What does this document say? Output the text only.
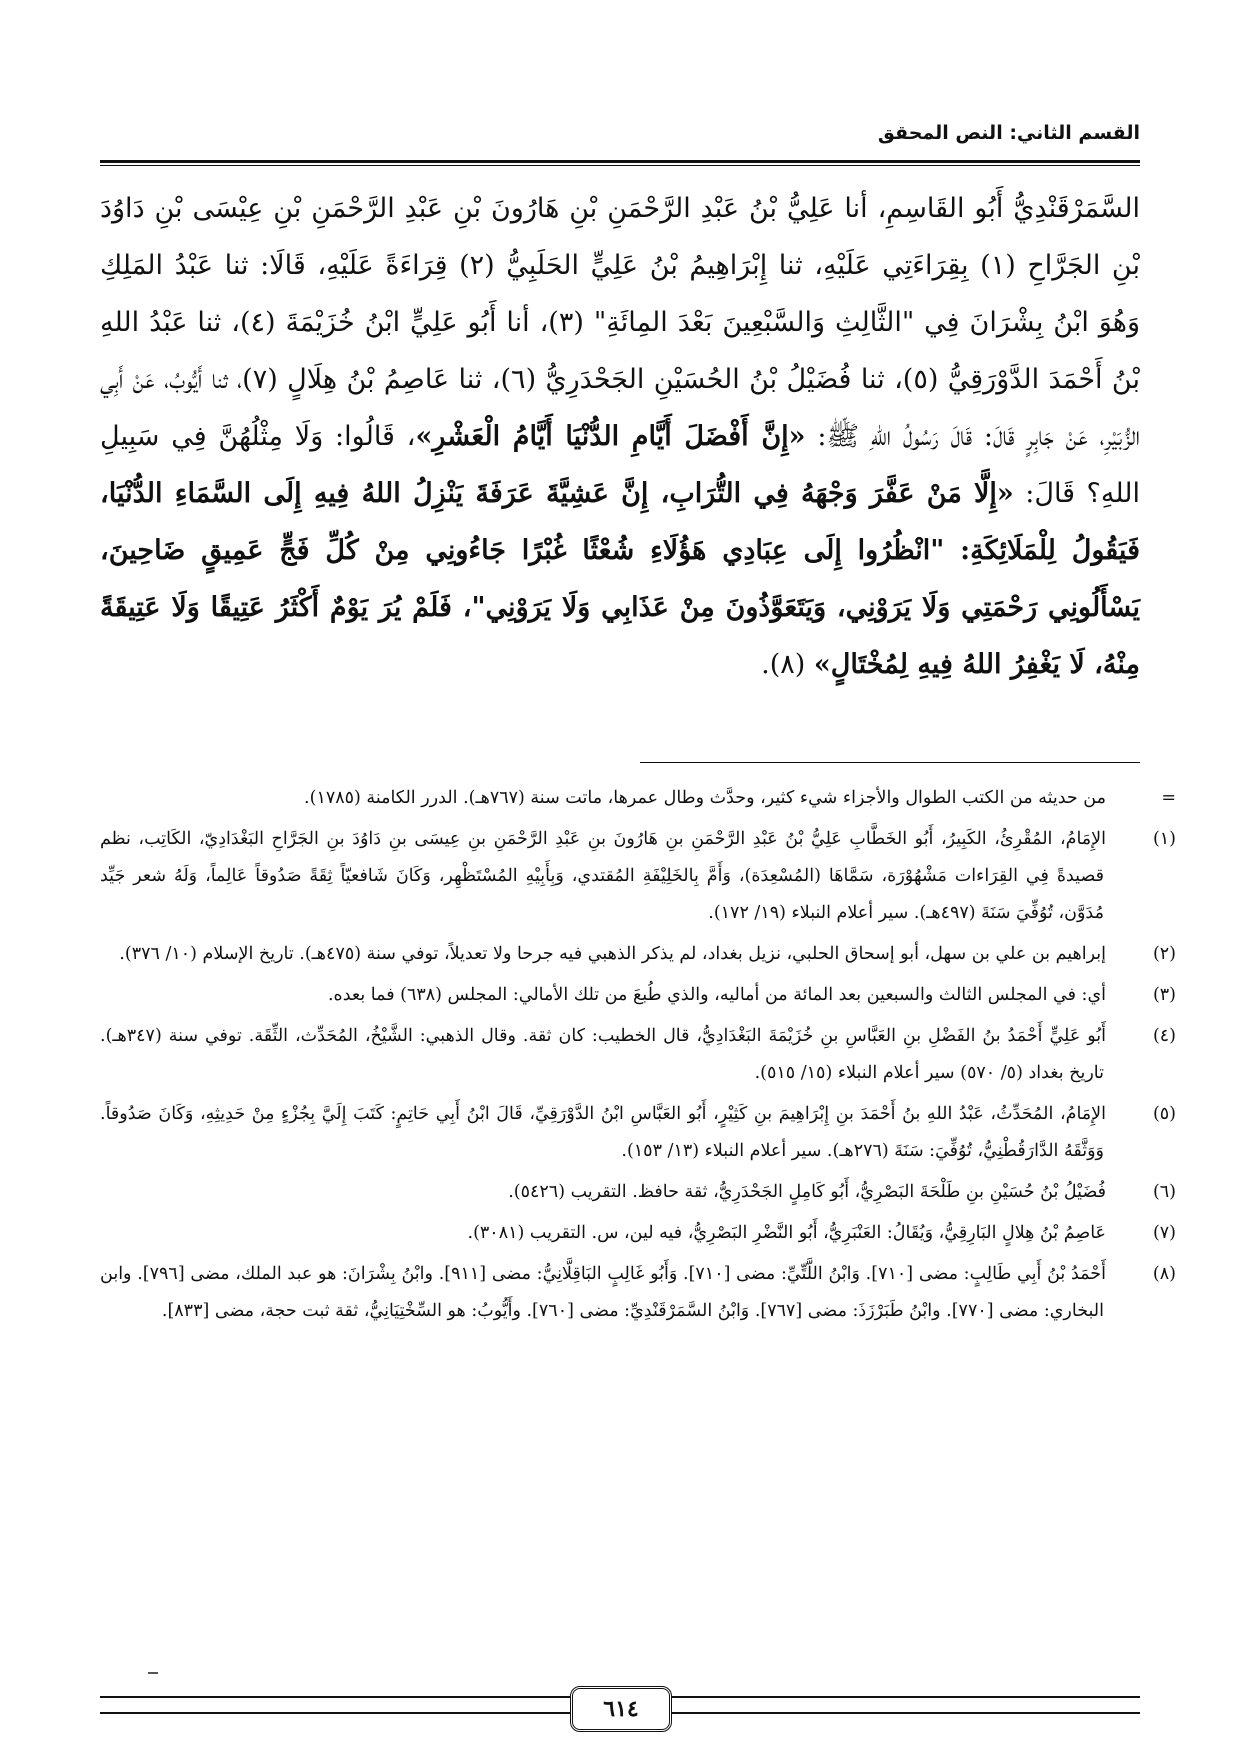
القسم الثاني: النص المحقق

السَّمَرْقَنْدِيُّ أَبُو القَاسِمِ، أنا عَلِيُّ بْنُ عَبْدِ الرَّحْمَنِ بْنِ هَارُونَ بْنِ عَبْدِ الرَّحْمَنِ بْنِ عِيْسَى بْنِ دَاوُدَ بْنِ الجَرَّاحِ (١) بِقِرَاءَتِي عَلَيْهِ، ثنا إِبْرَاهِيمُ بْنُ عَلِيٍّ الحَلَبِيُّ (٢) قِرَاءَةً عَلَيْهِ، قَالَا: ثنا عَبْدُ المَلِكِ وَهُوَ ابْنُ بِشْرَانَ فِي "الثَّالِثِ وَالسَّبْعِينَ بَعْدَ المِائَةِ" (٣)، أنا أَبُو عَلِيٍّ ابْنُ خُزَيْمَةَ (٤)، ثنا عَبْدُ اللهِ بْنُ أَحْمَدَ الدَّوْرَقِيُّ (٥)، ثنا فُضَيْلُ بْنُ الحُسَيْنِ الجَحْدَرِيُّ (٦)، ثنا عَاصِمُ بْنُ هِلَالٍ (٧)، ثنا أَيُّوبُ، عَنْ أَبِي الزُّبَيْرِ، عَنْ جَابِرٍ قَالَ: قَالَ رَسُولُ اللهِ ﷺ: «إِنَّ أَفْضَلَ أَيَّامِ الدُّنْيَا أَيَّامُ الْعَشْرِ»، قَالُوا: وَلَا مِثْلُهُنَّ فِي سَبِيلِ اللهِ؟ قَالَ: «إِلَّا مَنْ عَفَّرَ وَجْهَهُ فِي التُّرَابِ، إِنَّ عَشِيَّةَ عَرَفَةَ يَنْزِلُ اللهُ فِيهِ إِلَى السَّمَاءِ الدُّنْيَا، فَيَقُولُ لِلْمَلَائِكَةِ: "انْظُرُوا إِلَى عِبَادِي هَؤُلَاءِ شُعْثًا غُبْرًا جَاءُونِي مِنْ كُلِّ فَجٍّ عَمِيقٍ ضَاحِينَ، يَسْأَلُونِي رَحْمَتِي وَلَا يَرَوْنِي، وَيَتَعَوَّذُونَ مِنْ عَذَابِي وَلَا يَرَوْنِي"، فَلَمْ يُرَ يَوْمٌ أَكْثَرُ عَتِيقًا وَلَا عَتِيقَةً مِنْهُ، لَا يَغْفِرُ اللهُ فِيهِ لِمُخْتَالٍ» (٨).

=من حديثه من الكتب الطوال والأجزاء شيء كثير، وحدَّث وطال عمرها، ماتت سنة (٧٦٧هـ). الدرر الكامنة (١٧٨٥).

(١)الإِمَامُ، المُقْرِئُ، الكَبِيرُ، أَبُو الخَطَّابِ عَلِيُّ بْنُ عَبْدِ الرَّحْمَنِ بنِ هَارُونَ بنِ عَبْدِ الرَّحْمَنِ بنِ عِيسَى بنِ دَاوُدَ بنِ الجَرَّاحِ البَغْدَادِيّ، الكَاتِب، نظم قصيدةً فِي القِرَاءات مَشْهُوْرَة، سَمَّاهَا (المُسْعِدَة)، وَأَمَّ بِالخَلِيْفَةِ المُقتدي، وَبِأَبِيْهِ المُسْتَظْهِر، وَكَانَ شَافعيّاً ثِقَةً صَدُوقاً عَالِماً، وَلَهُ شعر جَيِّد مُدَوَّن، تُوُفِّيَ سَنَةَ (٤٩٧هـ). سير أعلام النبلاء (١٩/ ١٧٢).

(٢)إبراهيم بن علي بن سهل، أبو إسحاق الحلبي، نزيل بغداد، لم يذكر الذهبي فيه جرحا ولا تعديلاً، توفي سنة (٤٧٥هـ). تاريخ الإسلام (١٠/ ٣٧٦).

(٣)أي: في المجلس الثالث والسبعين بعد المائة من أماليه، والذي طُبعَ من تلك الأمالي: المجلس (٦٣٨) فما بعده.

(٤)أَبُو عَلِيٍّ أَحْمَدُ بنُ الفَضْلِ بنِ العَبَّاسِ بنِ خُزَيْمَةَ البَغْدَادِيُّ، قال الخطيب: كان ثقة. وقال الذهبي: الشَّيْخُ، المُحَدِّث، الثِّقَة. توفي سنة (٣٤٧هـ). تاريخ بغداد (٥/ ٥٧٠) سير أعلام النبلاء (١٥/ ٥١٥).

(٥)الإِمَامُ، المُحَدِّثُ، عَبْدُ اللهِ بنُ أَحْمَدَ بنِ إِبْرَاهِيمَ بنِ كَثِيْرٍ، أَبُو العَبَّاسِ ابْنُ الدَّوْرَقِيِّ، قَالَ ابْنُ أَبِي حَاتِمٍ: كَتَبَ إِلَيَّ بِجُزْءٍ مِنْ حَدِيثِهِ، وَكَانَ صَدُوقاً. وَوَثَّقَهُ الدَّارَقُطْنِيُّ، تُوُفِّيَ: سَنَةَ (٢٧٦هـ). سير أعلام النبلاء (١٣/ ١٥٣).

(٦)فُضَيْلُ بْنُ حُسَيْنِ بنِ طَلْحَةَ البَصْرِيُّ، أَبُو كَامِلٍ الجَحْدَرِيُّ، ثقة حافظ. التقريب (٥٤٢٦).

(٧)عَاصِمُ بْنُ هِلالٍ البَارِقِيُّ، وَيُقَالُ: العَنْبَرِيُّ، أَبُو النَّضْرِ البَصْرِيُّ، فيه لين، س. التقريب (٣٠٨١).

(٨)أَحْمَدُ بْنُ أَبِي طَالِبٍ: مضى [٧١٠]. وَابْنُ اللَّتِّيِّ: مضى [٧١٠]. وَأَبُو غَالِبٍ البَاقِلَّانِيُّ: مضى [٩١١]. وابْنُ بِشْرَانَ: هو عبد الملك، مضى [٧٩٦]. وابن البخاري: مضى [٧٧٠]. وابْنُ طَبَرْزَذَ: مضى [٧٦٧]. وَابْنُ السَّمَرْقَنْدِيِّ: مضى [٧٦٠]. وأَيُّوبُ: هو السِّخْتِيَانِيُّ، ثقة ثبت حجة، مضى [٨٣٣].

٦١٤
